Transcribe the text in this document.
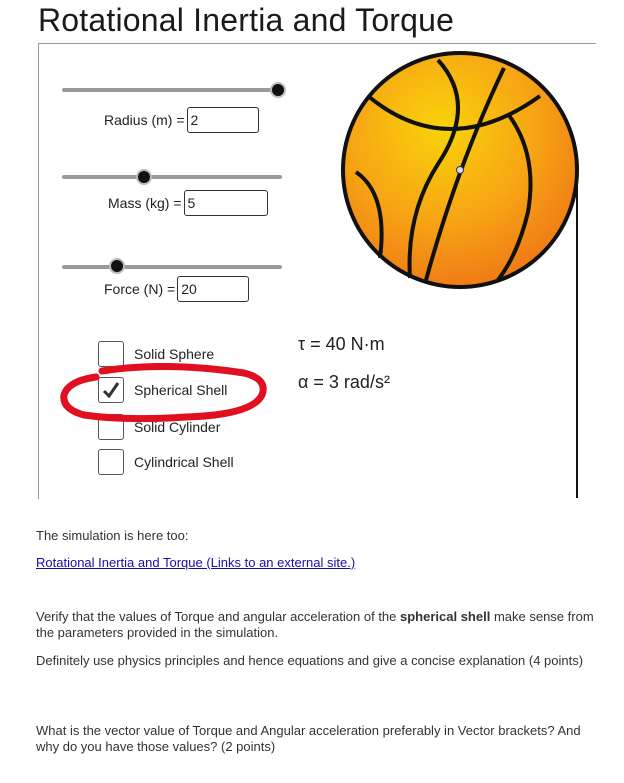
Rotational Inertia and Torque
Radius (m) =
2
Mass (kg) =
5
Force (N) =
20
Solid Sphere
Spherical Shell
Solid Cylinder
Cylindrical Shell
τ = 40 N·m
α = 3 rad/s²
The simulation is here too:
Rotational Inertia and Torque (Links to an external site.)
Verify that the values of Torque and angular acceleration of the spherical shell make sense from the parameters provided in the simulation.
Definitely use physics principles and hence equations and give a concise explanation (4 points)
What is the vector value of Torque and Angular acceleration preferably in Vector brackets? And why do you have those values? (2 points)
